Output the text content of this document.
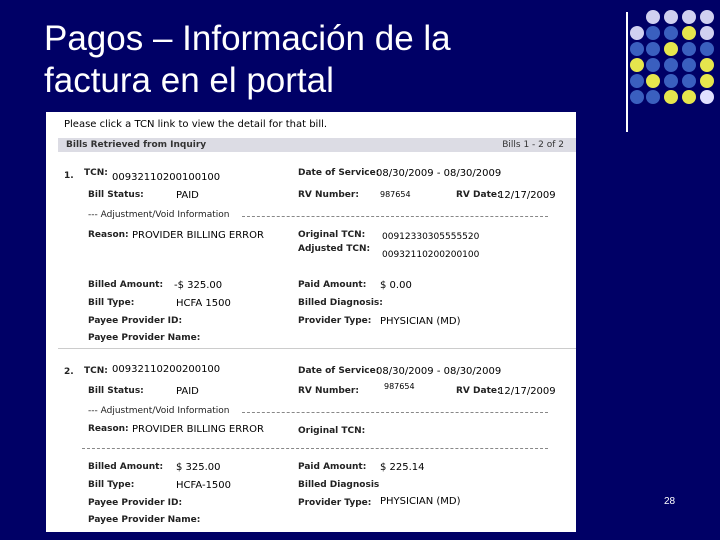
Pagos – Información de la
factura en el portal
Please click a TCN link to view the detail for that bill.
Bills Retrieved from Inquiry	Bills 1 - 2 of 2
1. TCN: 00932110200100100	Date of Service:
08/30/2009 - 08/30/2009
Bill Status:	PAID	RV Number:	987654	RV Date:
12/17/2009
--- Adjustment/Void Information
Reason: PROVIDER BILLING ERROR	Original TCN: 00912330305555520
Adjusted TCN:
00932110200200100
Billed Amount: -$ 325.00	Paid Amount: $ 0.00
Bill Type:	HCFA 1500	Billed Diagnosis:
Payee Provider ID:	Provider Type: PHYSICIAN (MD)
Payee Provider Name:
2. TCN: 00932110200200100	Date of Service:
08/30/2009 - 08/30/2009
Bill Status:	PAID	RV Number:	987654	RV Date:
12/17/2009
--- Adjustment/Void Information
Reason: PROVIDER BILLING ERROR	Original TCN:
Billed Amount: $ 325.00	Paid Amount: $ 225.14
Bill Type:	HCFA-1500	Billed Diagnosis
Payee Provider ID:	Provider Type: PHYSICIAN (MD)
Payee Provider Name:
28
